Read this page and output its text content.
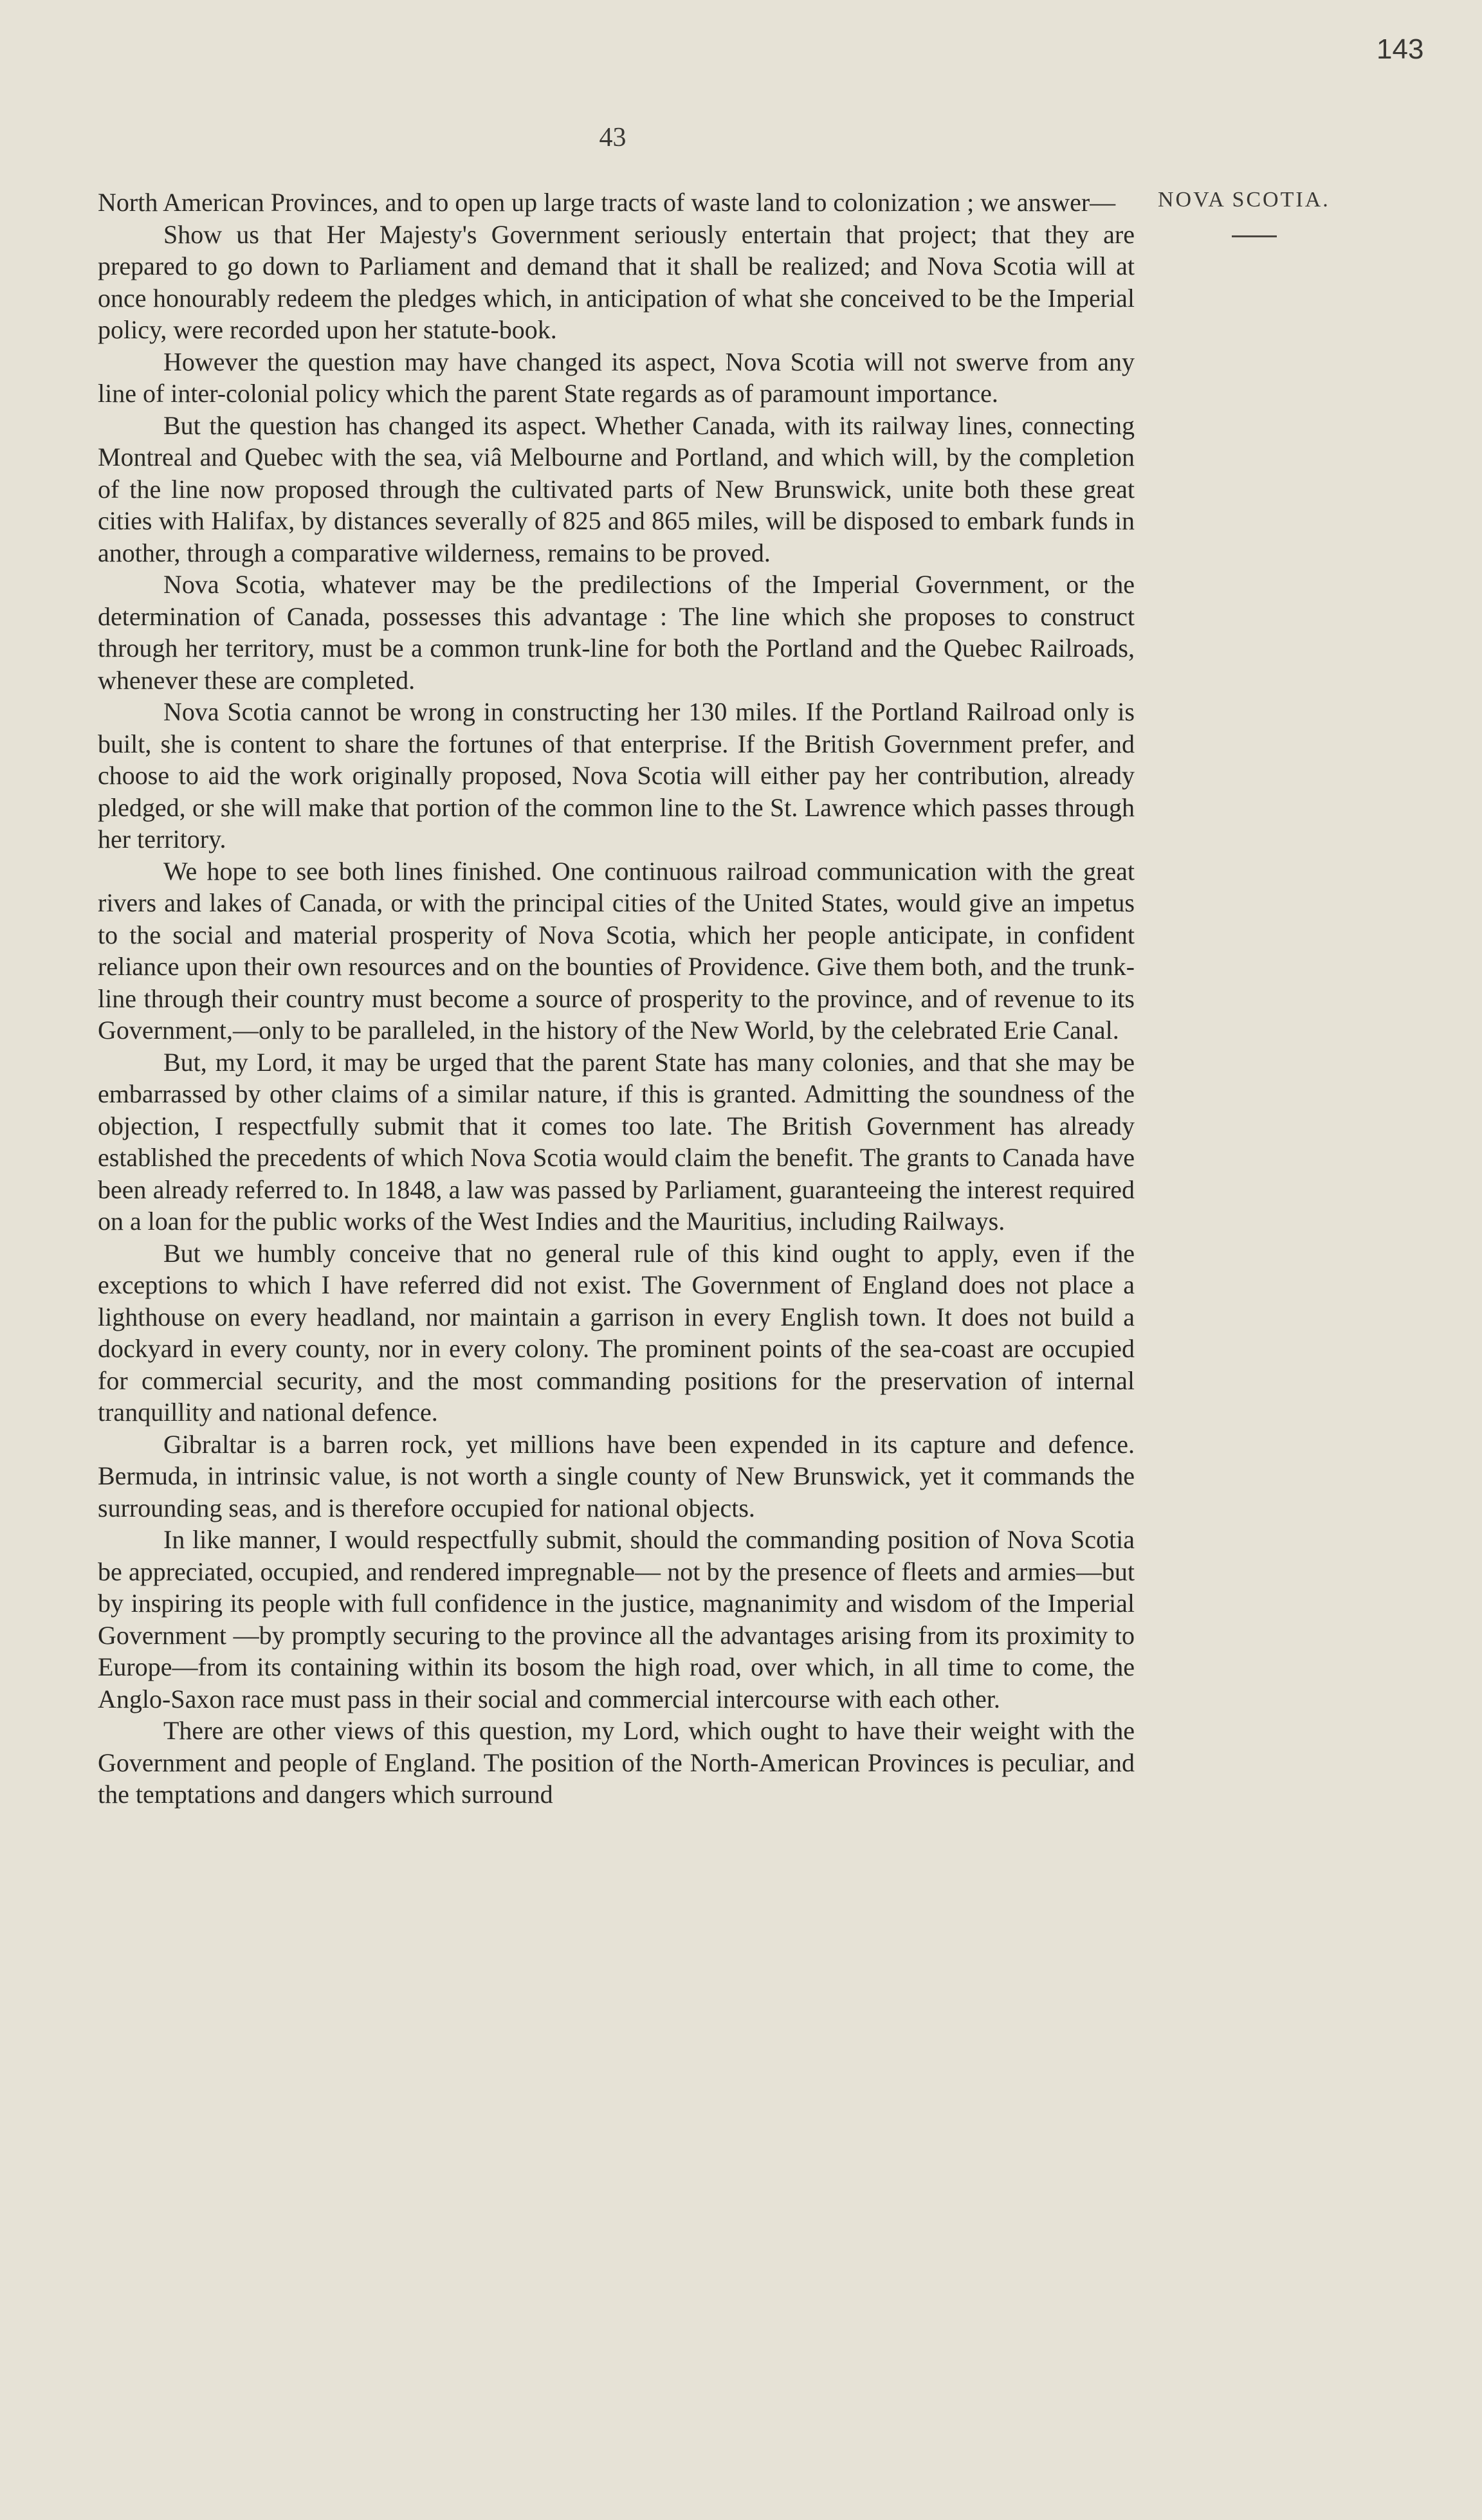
143
43
NOVA SCOTIA.

North American Provinces, and to open up large tracts of waste land to colonization ; we answer—

Show us that Her Majesty's Government seriously entertain that project; that they are prepared to go down to Parliament and demand that it shall be realized; and Nova Scotia will at once honourably redeem the pledges which, in anticipation of what she conceived to be the Imperial policy, were recorded upon her statute-book.

However the question may have changed its aspect, Nova Scotia will not swerve from any line of inter-colonial policy which the parent State regards as of paramount importance.

But the question has changed its aspect. Whether Canada, with its railway lines, connecting Montreal and Quebec with the sea, viâ Melbourne and Portland, and which will, by the completion of the line now proposed through the cultivated parts of New Brunswick, unite both these great cities with Halifax, by distances severally of 825 and 865 miles, will be disposed to embark funds in another, through a comparative wilderness, remains to be proved.

Nova Scotia, whatever may be the predilections of the Imperial Government, or the determination of Canada, possesses this advantage : The line which she proposes to construct through her territory, must be a common trunk-line for both the Portland and the Quebec Railroads, whenever these are completed.

Nova Scotia cannot be wrong in constructing her 130 miles. If the Portland Railroad only is built, she is content to share the fortunes of that enterprise. If the British Government prefer, and choose to aid the work originally proposed, Nova Scotia will either pay her contribution, already pledged, or she will make that portion of the common line to the St. Lawrence which passes through her territory.

We hope to see both lines finished. One continuous railroad communication with the great rivers and lakes of Canada, or with the principal cities of the United States, would give an impetus to the social and material prosperity of Nova Scotia, which her people anticipate, in confident reliance upon their own resources and on the bounties of Providence. Give them both, and the trunk-line through their country must become a source of prosperity to the province, and of revenue to its Government,—only to be paralleled, in the history of the New World, by the celebrated Erie Canal.

But, my Lord, it may be urged that the parent State has many colonies, and that she may be embarrassed by other claims of a similar nature, if this is granted. Admitting the soundness of the objection, I respectfully submit that it comes too late. The British Government has already established the precedents of which Nova Scotia would claim the benefit. The grants to Canada have been already referred to. In 1848, a law was passed by Parliament, guaranteeing the interest required on a loan for the public works of the West Indies and the Mauritius, including Railways.

But we humbly conceive that no general rule of this kind ought to apply, even if the exceptions to which I have referred did not exist. The Government of England does not place a lighthouse on every headland, nor maintain a garrison in every English town. It does not build a dockyard in every county, nor in every colony. The prominent points of the sea-coast are occupied for commercial security, and the most commanding positions for the preservation of internal tranquillity and national defence.

Gibraltar is a barren rock, yet millions have been expended in its capture and defence. Bermuda, in intrinsic value, is not worth a single county of New Brunswick, yet it commands the surrounding seas, and is therefore occupied for national objects.

In like manner, I would respectfully submit, should the commanding position of Nova Scotia be appreciated, occupied, and rendered impregnable— not by the presence of fleets and armies—but by inspiring its people with full confidence in the justice, magnanimity and wisdom of the Imperial Government —by promptly securing to the province all the advantages arising from its proximity to Europe—from its containing within its bosom the high road, over which, in all time to come, the Anglo-Saxon race must pass in their social and commercial intercourse with each other.

There are other views of this question, my Lord, which ought to have their weight with the Government and people of England. The position of the North-American Provinces is peculiar, and the temptations and dangers which surround
